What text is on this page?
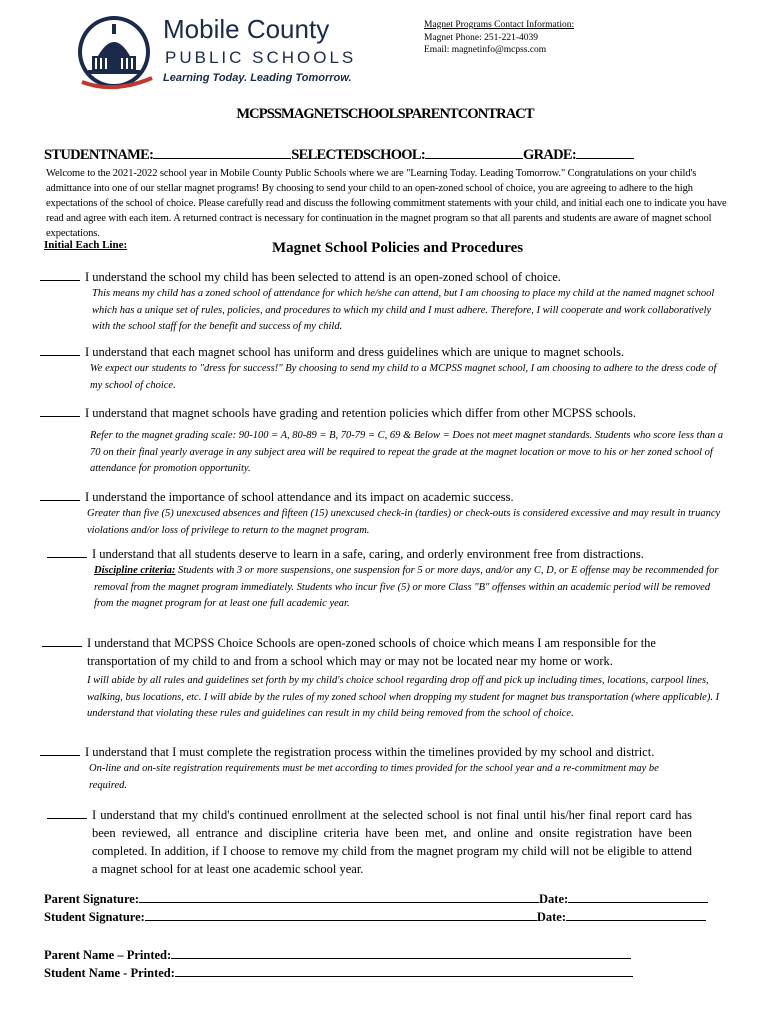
Mobile County
PUBLIC SCHOOLS
Learning Today. Leading Tomorrow.
Magnet Programs Contact Information:
Magnet Phone: 251-221-4039
Email: magnetinfo@mcpss.com
MCPSSMAGNETSCHOOLSPARENTCONTRACT
STUDENTNAME:	SELECTEDSCHOOL:	GRADE:
Welcome to the 2021-2022 school year in Mobile County Public Schools where we are "Learning Today. Leading Tomorrow." Congratulations on your child's admittance into one of our stellar magnet programs! By choosing to send your child to an open-zoned school of choice, you are agreeing to adhere to the high expectations of the school of choice. Please carefully read and discuss the following commitment statements with your child, and initial each one to indicate you have read and agree with each item. A returned contract is necessary for continuation in the magnet program so that all parents and students are aware of magnet school expectations.
Initial Each Line:	Magnet School Policies and Procedures
I understand the school my child has been selected to attend is an open-zoned school of choice.
This means my child has a zoned school of attendance for which he/she can attend, but I am choosing to place my child at the named magnet school which has a unique set of rules, policies, and procedures to which my child and I must adhere. Therefore, I will cooperate and work collaboratively with the school staff for the benefit and success of my child.
I understand that each magnet school has uniform and dress guidelines which are unique to magnet schools.
We expect our students to "dress for success!" By choosing to send my child to a MCPSS magnet school, I am choosing to adhere to the dress code of my school of choice.
I understand that magnet schools have grading and retention policies which differ from other MCPSS schools.
Refer to the magnet grading scale: 90-100 = A, 80-89 = B, 70-79 = C, 69 & Below = Does not meet magnet standards. Students who score less than a 70 on their final yearly average in any subject area will be required to repeat the grade at the magnet location or move to his or her zoned school of attendance for promotion opportunity.
I understand the importance of school attendance and its impact on academic success.
Greater than five (5) unexcused absences and fifteen (15) unexcused check-in (tardies) or check-outs is considered excessive and may result in truancy violations and/or loss of privilege to return to the magnet program.
I understand that all students deserve to learn in a safe, caring, and orderly environment free from distractions.
Discipline criteria: Students with 3 or more suspensions, one suspension for 5 or more days, and/or any C, D, or E offense may be recommended for removal from the magnet program immediately. Students who incur five (5) or more Class "B" offenses within an academic period will be removed from the magnet program for at least one full academic year.
I understand that MCPSS Choice Schools are open-zoned schools of choice which means I am responsible for the transportation of my child to and from a school which may or may not be located near my home or work.
I will abide by all rules and guidelines set forth by my child's choice school regarding drop off and pick up including times, locations, carpool lines, walking, bus locations, etc. I will abide by the rules of my zoned school when dropping my student for magnet bus transportation (where applicable). I understand that violating these rules and guidelines can result in my child being removed from the school of choice.
I understand that I must complete the registration process within the timelines provided by my school and district.
On-line and on-site registration requirements must be met according to times provided for the school year and a re-commitment may be required.
I understand that my child's continued enrollment at the selected school is not final until his/her final report card has been reviewed, all entrance and discipline criteria have been met, and online and onsite registration have been completed. In addition, if I choose to remove my child from the magnet program my child will not be eligible to attend a magnet school for at least one academic school year.
Parent Signature:	Date:
Student Signature:	Date:
Parent Name – Printed:
Student Name - Printed:
